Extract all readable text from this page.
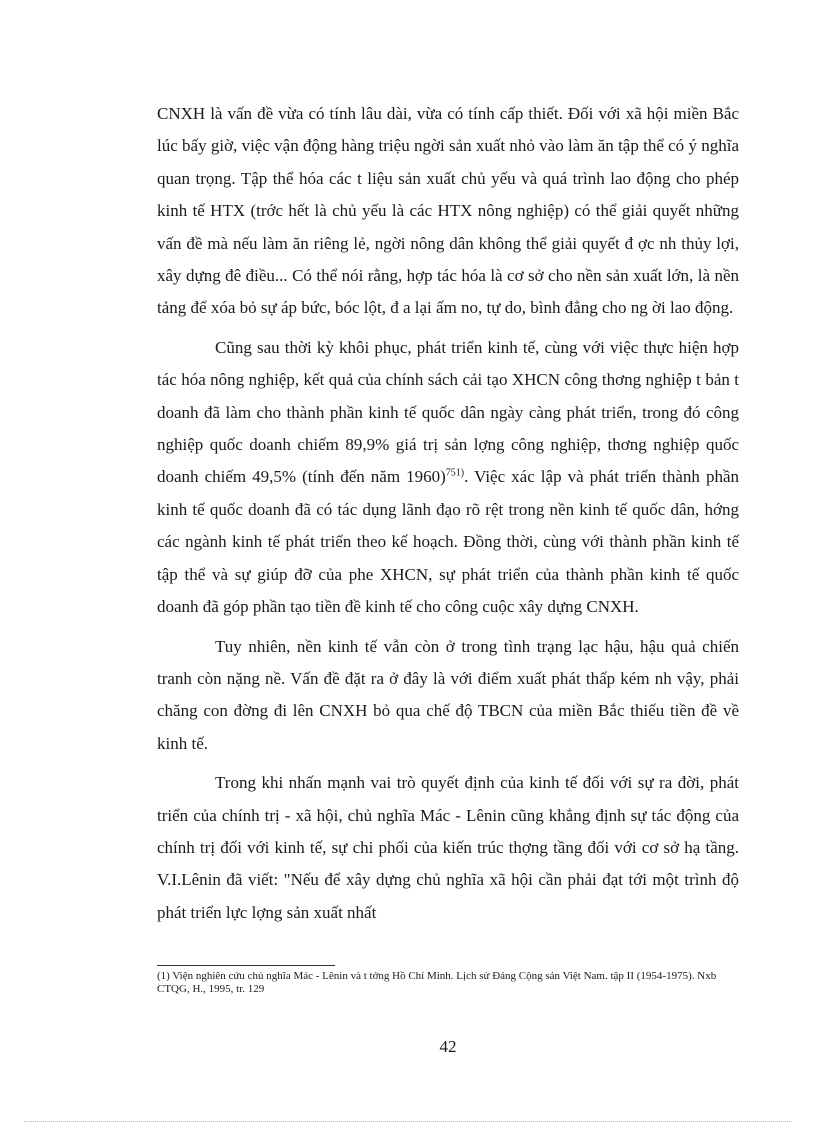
CNXH là vấn đề vừa có tính lâu dài, vừa có tính cấp thiết. Đối với xã hội miền Bắc lúc bấy giờ, việc vận động hàng triệu ngời sản xuất nhỏ vào làm ăn tập thể có ý nghĩa quan trọng. Tập thể hóa các t liệu sản xuất chủ yếu và quá trình lao động cho phép kinh tế HTX (trớc hết là chủ yếu là các HTX nông nghiệp) có thể giải quyết những vấn đề mà nếu làm ăn riêng lẻ, ngời nông dân không thể giải quyết đ ợc nh thủy lợi, xây dựng đê điều... Có thể nói rằng, hợp tác hóa là cơ sở cho nền sản xuất lớn, là nền tảng để xóa bỏ sự áp bức, bóc lột, đ a lại ấm no, tự do, bình đẳng cho ng ời lao động.

Cũng sau thời kỳ khôi phục, phát triển kinh tế, cùng với việc thực hiện hợp tác hóa nông nghiệp, kết quả của chính sách cải tạo XHCN công thơng nghiệp t bản t doanh đã làm cho thành phần kinh tế quốc dân ngày càng phát triển, trong đó công nghiệp quốc doanh chiếm 89,9% giá trị sản lợng công nghiệp, thơng nghiệp quốc doanh chiếm 49,5% (tính đến năm 1960)$^{751)}$. Việc xác lập và phát triển thành phần kinh tế quốc doanh đã có tác dụng lãnh đạo rõ rệt trong nền kinh tế quốc dân, hớng các ngành kinh tế phát triển theo kế hoạch. Đồng thời, cùng với thành phần kinh tế tập thể và sự giúp đỡ của phe XHCN, sự phát triển của thành phần kinh tế quốc doanh đã góp phần tạo tiền đề kinh tế cho công cuộc xây dựng CNXH.

Tuy nhiên, nền kinh tế vẫn còn ở trong tình trạng lạc hậu, hậu quả chiến tranh còn nặng nề. Vấn đề đặt ra ở đây là với điểm xuất phát thấp kém nh vậy, phải chăng con đờng đi lên CNXH bỏ qua chế độ TBCN của miền Bắc thiếu tiền đề về kinh tế.

Trong khi nhấn mạnh vai trò quyết định của kinh tế đối với sự ra đời, phát triển của chính trị - xã hội, chủ nghĩa Mác - Lênin cũng khẳng định sự tác động của chính trị đối với kinh tế, sự chi phối của kiến trúc thợng tầng đối với cơ sở hạ tầng. V.I.Lênin đã viết: "Nếu để xây dựng chủ nghĩa xã hội cần phải đạt tới một trình độ phát triển lực lợng sản xuất nhất

(1) Viện nghiên cứu chủ nghĩa Mác - Lênin và t tởng Hồ Chí Minh. Lịch sử Đảng Cộng sản Việt Nam. tập II (1954-1975). Nxb CTQG, H., 1995, tr. 129
42
